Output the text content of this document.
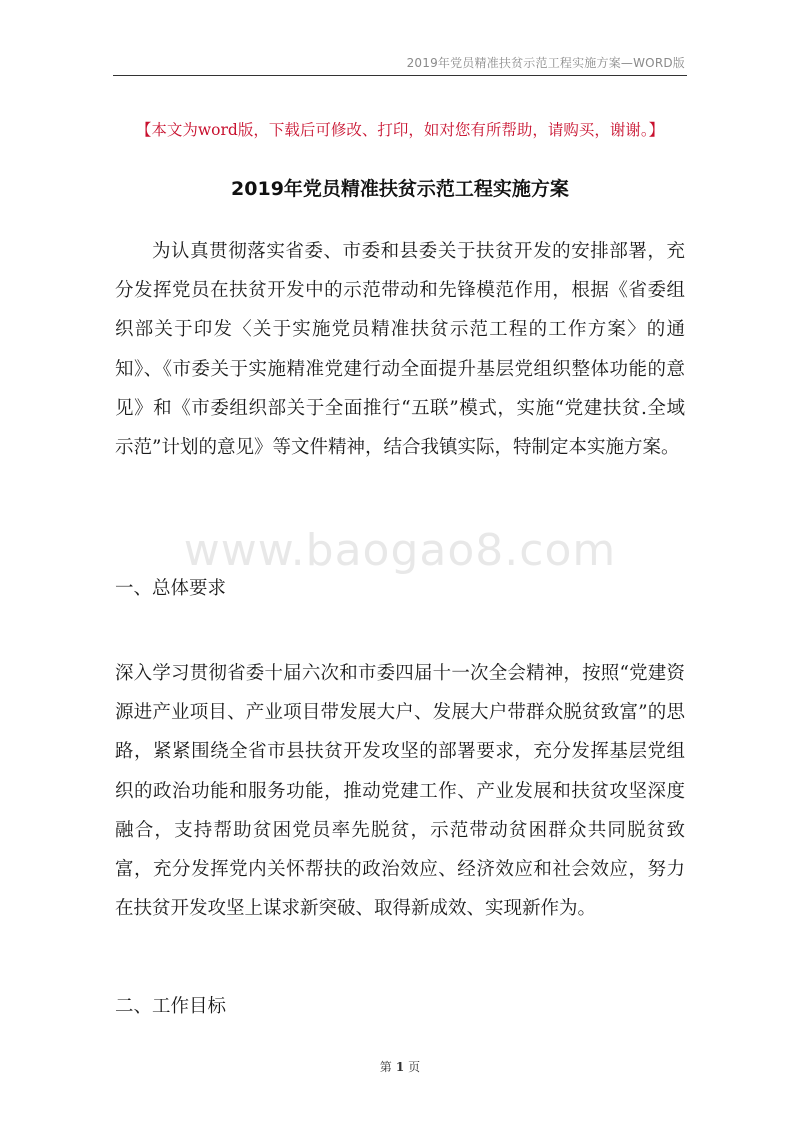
2019年党员精准扶贫示范工程实施方案—WORD版
【本文为word版，下载后可修改、打印，如对您有所帮助，请购买，谢谢。】
2019年党员精准扶贫示范工程实施方案
为认真贯彻落实省委、市委和县委关于扶贫开发的安排部署，充分发挥党员在扶贫开发中的示范带动和先锋模范作用，根据《省委组织部关于印发〈关于实施党员精准扶贫示范工程的工作方案〉的通知》、《市委关于实施精准党建行动全面提升基层党组织整体功能的意见》和《市委组织部关于全面推行“五联”模式，实施“党建扶贫.全域示范”计划的意见》等文件精神，结合我镇实际，特制定本实施方案。
www.baogao8.com
一、总体要求
深入学习贯彻省委十届六次和市委四届十一次全会精神，按照“党建资源进产业项目、产业项目带发展大户、发展大户带群众脱贫致富”的思路，紧紧围绕全省市县扶贫开发攻坚的部署要求，充分发挥基层党组织的政治功能和服务功能，推动党建工作、产业发展和扶贫攻坚深度融合，支持帮助贫困党员率先脱贫，示范带动贫困群众共同脱贫致富，充分发挥党内关怀帮扶的政治效应、经济效应和社会效应，努力在扶贫开发攻坚上谋求新突破、取得新成效、实现新作为。
二、工作目标
第 1 页
